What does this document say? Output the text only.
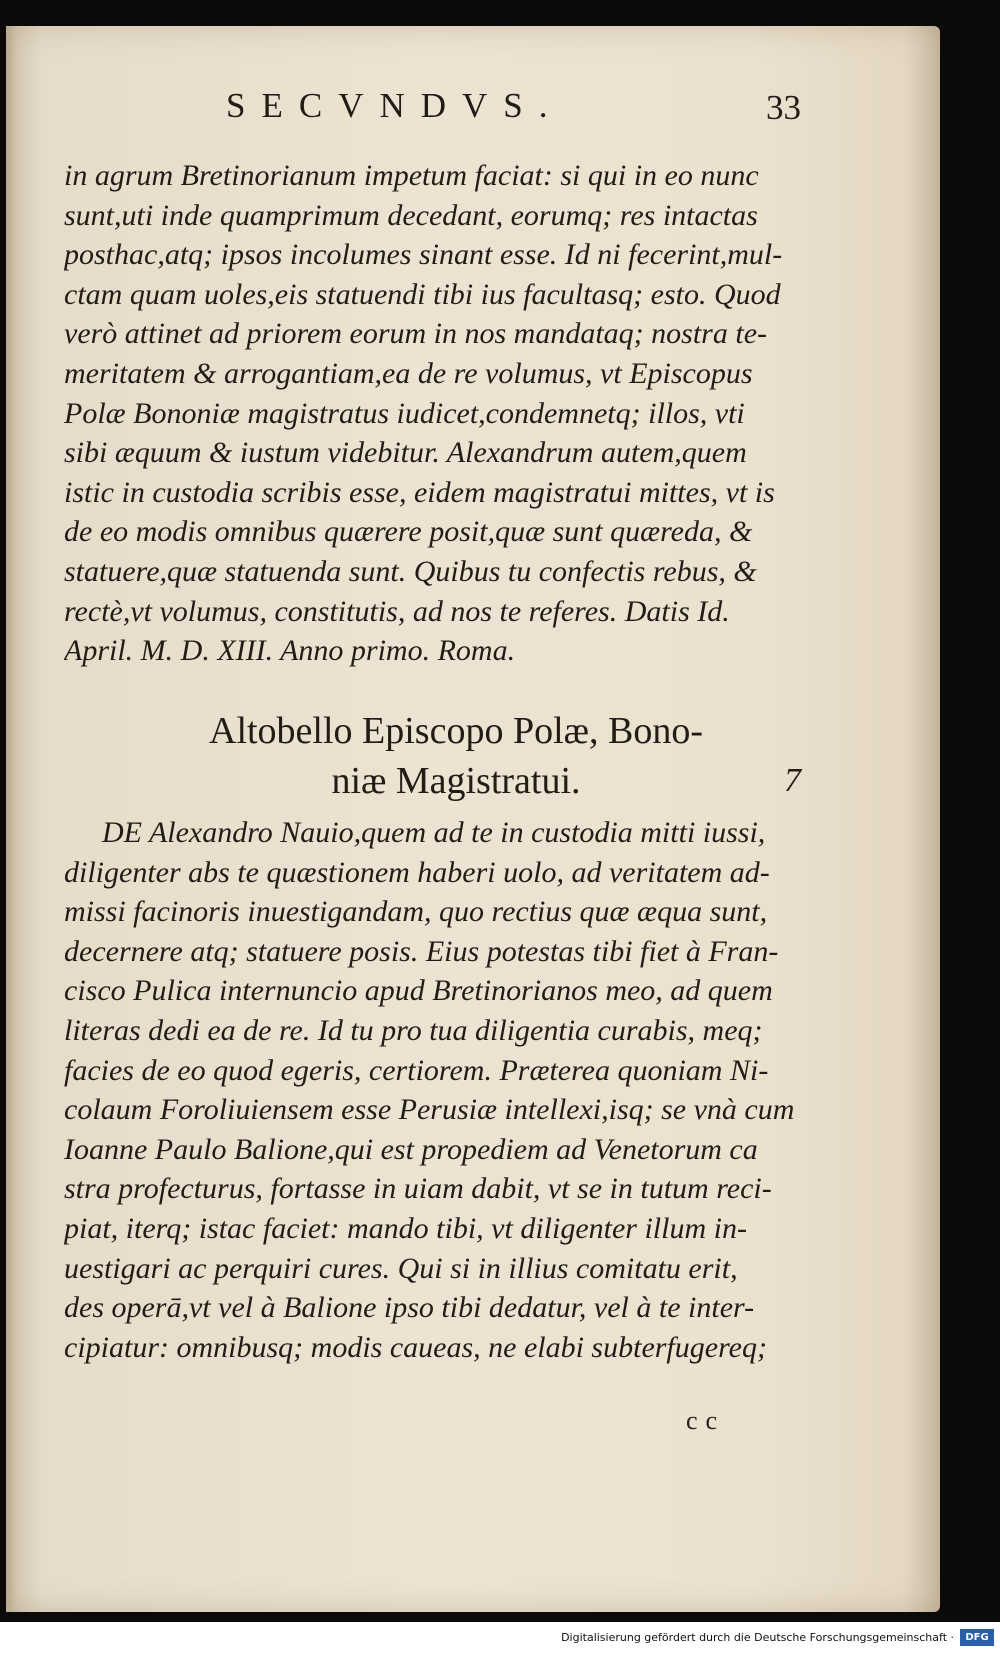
SECVNDVS.	33
in agrum Bretinorianum impetum faciat: si qui in eo nunc
sunt,uti inde quamprimum decedant, eorumq; res intactas
posthac,atq; ipsos incolumes sinant esse. Id ni fecerint,mul-
ctam quam uoles,eis statuendi tibi ius facultasq; esto. Quod
verò attinet ad priorem eorum in nos mandataq; nostra te-
meritatem & arrogantiam,ea de re volumus, vt Episcopus
Polæ Bononiæ magistratus iudicet,condemnetq; illos, vti
sibi æquum & iustum videbitur. Alexandrum autem,quem
istic in custodia scribis esse, eidem magistratui mittes, vt is
de eo modis omnibus quærere posit,quæ sunt quæreda, &
statuere,quæ statuenda sunt. Quibus tu confectis rebus, &
rectè,vt volumus, constitutis, ad nos te referes. Datis Id.
April. M. D. XIII. Anno primo. Roma.
Altobello Episcopo Polæ, Bono-
niæ Magistratui.	7
DE Alexandro Nauio,quem ad te in custodia mitti iussi,
diligenter abs te quæstionem haberi uolo, ad veritatem ad-
missi facinoris inuestigandam, quo rectius quæ æqua sunt,
decernere atq; statuere posis. Eius potestas tibi fiet à Fran-
cisco Pulica internuncio apud Bretinorianos meo, ad quem
literas dedi ea de re. Id tu pro tua diligentia curabis, meq;
facies de eo quod egeris, certiorem. Præterea quoniam Ni-
colaum Foroliuiensem esse Perusiæ intellexi,isq; se vnà cum
Ioanne Paulo Balione,qui est propediem ad Venetorum ca
stra profecturus, fortasse in uiam dabit, vt se in tutum reci-
piat, iterq; istac faciet: mando tibi, vt diligenter illum in-
uestigari ac perquiri cures. Qui si in illius comitatu erit,
des operā,vt vel à Balione ipso tibi dedatur, vel à te inter-
cipiatur: omnibusq; modis caueas, ne elabi subterfugereq;
cc
Digitalisierung gefördert durch die Deutsche Forschungsgemeinschaft ·	DFG
